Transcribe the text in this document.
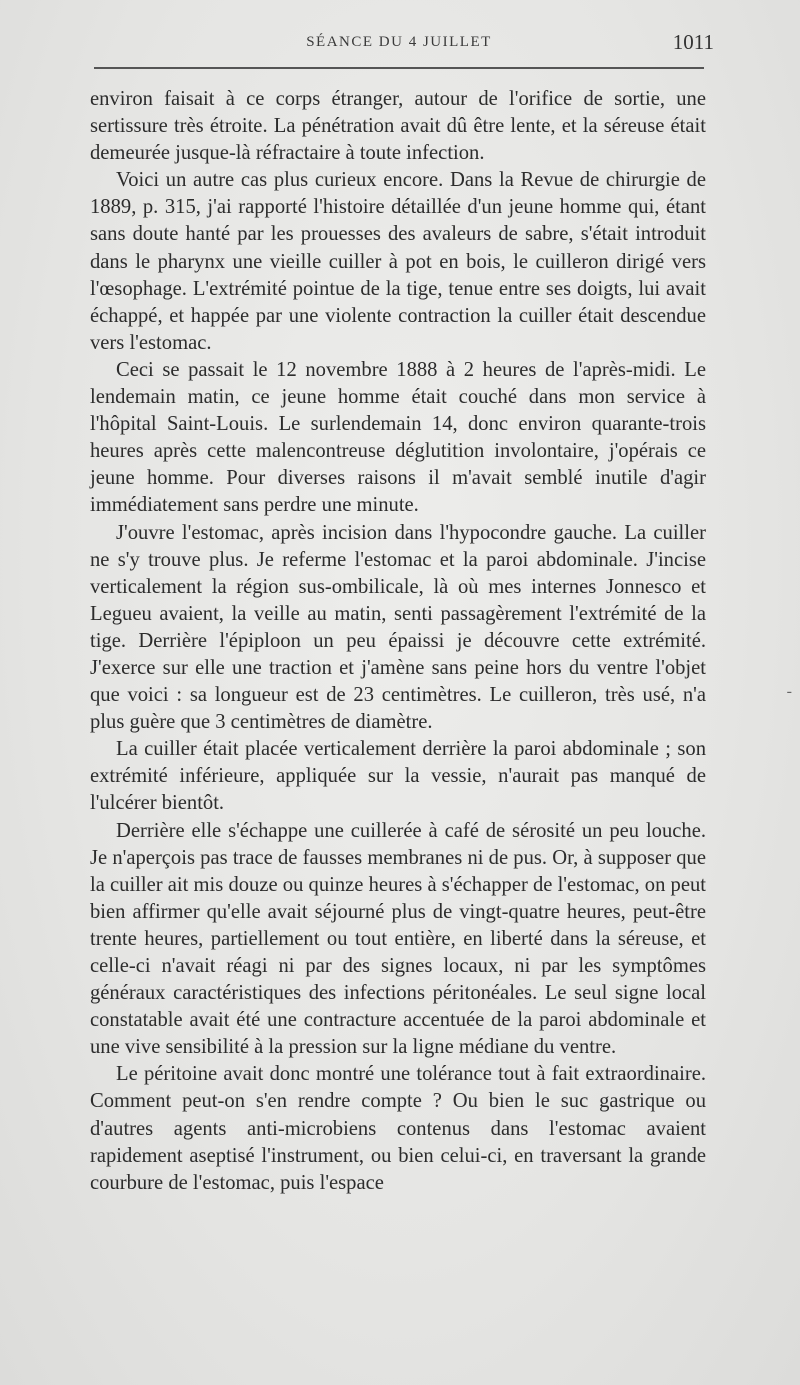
SÉANCE DU 4 JUILLET	1011

environ faisait à ce corps étranger, autour de l'orifice de sortie, une sertissure très étroite. La pénétration avait dû être lente, et la séreuse était demeurée jusque-là réfractaire à toute infection.

Voici un autre cas plus curieux encore. Dans la Revue de chirurgie de 1889, p. 315, j'ai rapporté l'histoire détaillée d'un jeune homme qui, étant sans doute hanté par les prouesses des avaleurs de sabre, s'était introduit dans le pharynx une vieille cuiller à pot en bois, le cuilleron dirigé vers l'œsophage. L'extrémité pointue de la tige, tenue entre ses doigts, lui avait échappé, et happée par une violente contraction la cuiller était descendue vers l'estomac.

Ceci se passait le 12 novembre 1888 à 2 heures de l'après-midi. Le lendemain matin, ce jeune homme était couché dans mon service à l'hôpital Saint-Louis. Le surlendemain 14, donc environ quarante-trois heures après cette malencontreuse déglutition involontaire, j'opérais ce jeune homme. Pour diverses raisons il m'avait semblé inutile d'agir immédiatement sans perdre une minute.

J'ouvre l'estomac, après incision dans l'hypocondre gauche. La cuiller ne s'y trouve plus. Je referme l'estomac et la paroi abdominale. J'incise verticalement la région sus-ombilicale, là où mes internes Jonnesco et Legueu avaient, la veille au matin, senti passagèrement l'extrémité de la tige. Derrière l'épiploon un peu épaissi je découvre cette extrémité. J'exerce sur elle une traction et j'amène sans peine hors du ventre l'objet que voici : sa longueur est de 23 centimètres. Le cuilleron, très usé, n'a plus guère que 3 centimètres de diamètre.

La cuiller était placée verticalement derrière la paroi abdominale ; son extrémité inférieure, appliquée sur la vessie, n'aurait pas manqué de l'ulcérer bientôt.

Derrière elle s'échappe une cuillerée à café de sérosité un peu louche. Je n'aperçois pas trace de fausses membranes ni de pus. Or, à supposer que la cuiller ait mis douze ou quinze heures à s'échapper de l'estomac, on peut bien affirmer qu'elle avait séjourné plus de vingt-quatre heures, peut-être trente heures, partiellement ou tout entière, en liberté dans la séreuse, et celle-ci n'avait réagi ni par des signes locaux, ni par les symptômes généraux caractéristiques des infections péritonéales. Le seul signe local constatable avait été une contracture accentuée de la paroi abdominale et une vive sensibilité à la pression sur la ligne médiane du ventre.

Le péritoine avait donc montré une tolérance tout à fait extraordinaire. Comment peut-on s'en rendre compte ? Ou bien le suc gastrique ou d'autres agents anti-microbiens contenus dans l'estomac avaient rapidement aseptisé l'instrument, ou bien celui-ci, en traversant la grande courbure de l'estomac, puis l'espace

-
